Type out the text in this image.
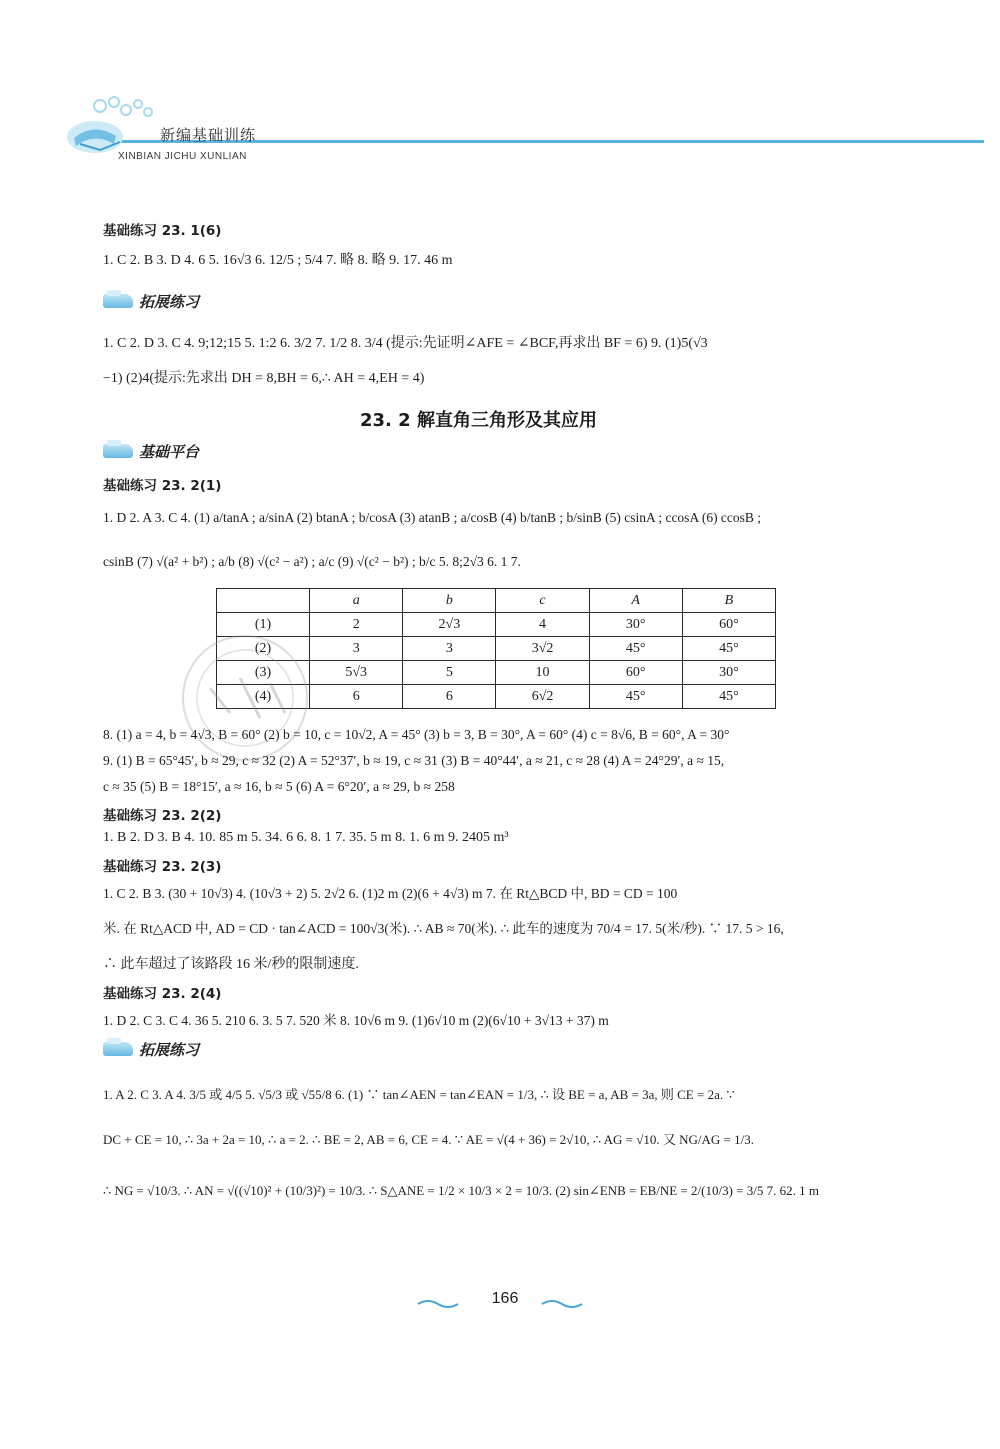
新编基础训练
XINBIAN JICHU XUNLIAN
基础练习 23. 1(6)
1. C 2. B 3. D 4. 6 5. 16√3 6. 12/5 ; 5/4 7. 略 8. 略 9. 17. 46 m
拓展练习
1. C 2. D 3. C 4. 9;12;15 5. 1:2 6. 3/2 7. 1/2 8. 3/4 (提示:先证明∠AFE = ∠BCF,再求出 BF = 6) 9. (1)5(√3
−1) (2)4(提示:先求出 DH = 8,BH = 6,∴ AH = 4,EH = 4)
23. 2 解直角三角形及其应用
基础平台
基础练习 23. 2(1)
1. D 2. A 3. C 4. (1) a/tanA ; a/sinA (2) btanA ; b/cosA (3) atanB ; a/cosB (4) b/tanB ; b/sinB (5) csinA ; ccosA (6) ccosB ;
csinB (7) √(a² + b²) ; a/b (8) √(c² − a²) ; a/c (9) √(c² − b²) ; b/c 5. 8;2√3 6. 1 7.
	a	b	c	A	B
(1)	2	2√3	4	30°	60°
(2)	3	3	3√2	45°	45°
(3)	5√3	5	10	60°	30°
(4)	6	6	6√2	45°	45°
8. (1) a = 4, b = 4√3, B = 60° (2) b = 10, c = 10√2, A = 45° (3) b = 3, B = 30°, A = 60° (4) c = 8√6, B = 60°, A = 30°
9. (1) B = 65°45′, b ≈ 29, c ≈ 32 (2) A = 52°37′, b ≈ 19, c ≈ 31 (3) B = 40°44′, a ≈ 21, c ≈ 28 (4) A = 24°29′, a ≈ 15,
c ≈ 35 (5) B = 18°15′, a ≈ 16, b ≈ 5 (6) A = 6°20′, a ≈ 29, b ≈ 258
基础练习 23. 2(2)
1. B 2. D 3. B 4. 10. 85 m 5. 34. 6 6. 8. 1 7. 35. 5 m 8. 1. 6 m 9. 2405 m³
基础练习 23. 2(3)
1. C 2. B 3. (30 + 10√3) 4. (10√3 + 2) 5. 2√2 6. (1)2 m (2)(6 + 4√3) m 7. 在 Rt△BCD 中, BD = CD = 100
米. 在 Rt△ACD 中, AD = CD · tan∠ACD = 100√3(米). ∴ AB ≈ 70(米). ∴ 此车的速度为 70/4 = 17. 5(米/秒). ∵ 17. 5 > 16,
∴ 此车超过了该路段 16 米/秒的限制速度.
基础练习 23. 2(4)
1. D 2. C 3. C 4. 36 5. 210 6. 3. 5 7. 520 米 8. 10√6 m 9. (1)6√10 m (2)(6√10 + 3√13 + 37) m
拓展练习
1. A 2. C 3. A 4. 3/5 或 4/5 5. √5/3 或 √55/8 6. (1) ∵ tan∠AEN = tan∠EAN = 1/3, ∴ 设 BE = a, AB = 3a, 则 CE = 2a. ∵
DC + CE = 10, ∴ 3a + 2a = 10, ∴ a = 2. ∴ BE = 2, AB = 6, CE = 4. ∵ AE = √(4 + 36) = 2√10, ∴ AG = √10. 又 NG/AG = 1/3.
∴ NG = √10/3. ∴ AN = √((√10)² + (10/3)²) = 10/3. ∴ S△ANE = 1/2 × 10/3 × 2 = 10/3. (2) sin∠ENB = EB/NE = 2/(10/3) = 3/5 7. 62. 1 m
166
